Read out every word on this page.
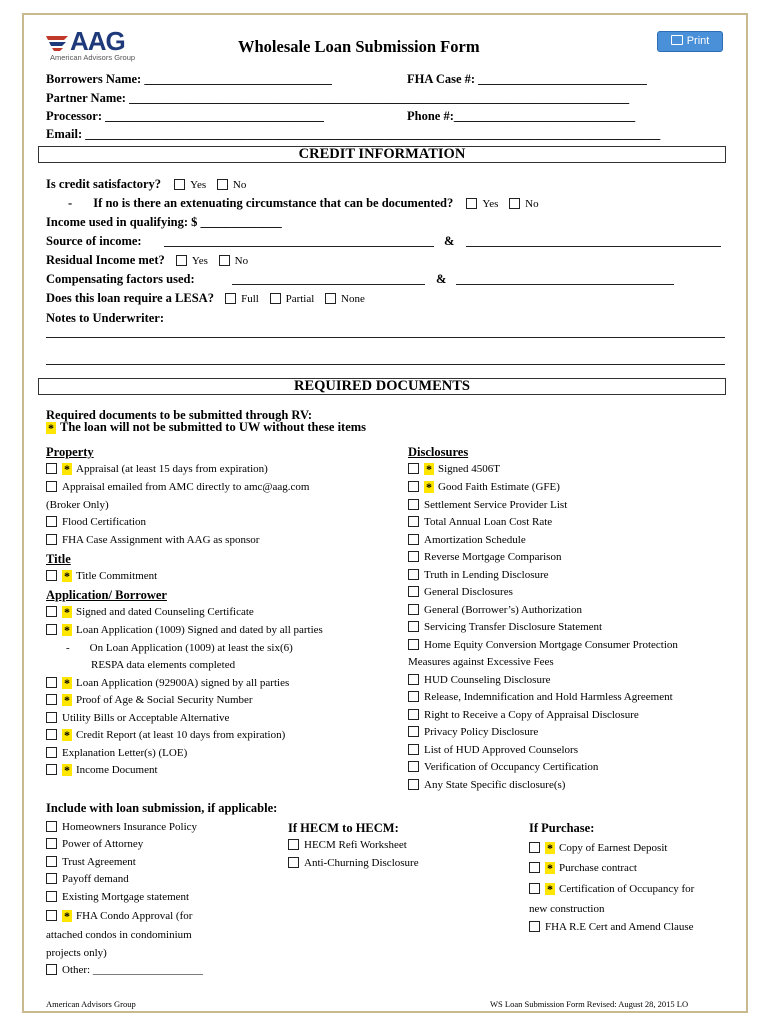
AAG
American Advisors Group
Wholesale Loan Submission Form	Print
Borrowers Name: ______________________________	FHA Case #: ___________________________
Partner Name: ________________________________________________________________________________
Processor: ___________________________________	Phone #:_____________________________
Email: ____________________________________________________________________________________________
CREDIT INFORMATION
Is credit satisfactory?	Yes No
- If no is there an extenuating circumstance that can be documented?	Yes No
Income used in qualifying: $ _____________
Source of income:	&
Residual Income met? Yes No
Compensating factors used:	&
Does this loan require a LESA? Full Partial None
Notes to Underwriter:
REQUIRED DOCUMENTS
Required documents to be submitted through RV:
* The loan will not be submitted to UW without these items
Property
* Appraisal (at least 15 days from expiration)
Appraisal emailed from AMC directly to amc@aag.com
(Broker Only)
Flood Certification
FHA Case Assignment with AAG as sponsor
Title
* Title Commitment
Application/ Borrower
* Signed and dated Counseling Certificate
* Loan Application (1009) Signed and dated by all parties
- On Loan Application (1009) at least the six(6)
RESPA data elements completed
* Loan Application (92900A) signed by all parties
* Proof of Age & Social Security Number
Utility Bills or Acceptable Alternative
* Credit Report (at least 10 days from expiration)
Explanation Letter(s) (LOE)
* Income Document
Disclosures
* Signed 4506T
* Good Faith Estimate (GFE)
Settlement Service Provider List
Total Annual Loan Cost Rate
Amortization Schedule
Reverse Mortgage Comparison
Truth in Lending Disclosure
General Disclosures
General (Borrower’s) Authorization
Servicing Transfer Disclosure Statement
Home Equity Conversion Mortgage Consumer Protection
Measures against Excessive Fees
HUD Counseling Disclosure
Release, Indemnification and Hold Harmless Agreement
Right to Receive a Copy of Appraisal Disclosure
Privacy Policy Disclosure
List of HUD Approved Counselors
Verification of Occupancy Certification
Any State Specific disclosure(s)
Include with loan submission, if applicable:
Homeowners Insurance Policy
Power of Attorney
Trust Agreement
Payoff demand
Existing Mortgage statement
* FHA Condo Approval (for
attached condos in condominium
projects only)
Other: ____________________
If HECM to HECM:
HECM Refi Worksheet
Anti-Churning Disclosure
If Purchase:
* Copy of Earnest Deposit
* Purchase contract
* Certification of Occupancy for
new construction
FHA R.E Cert and Amend Clause
American Advisors Group	WS Loan Submission Form Revised: August 28, 2015 LO
